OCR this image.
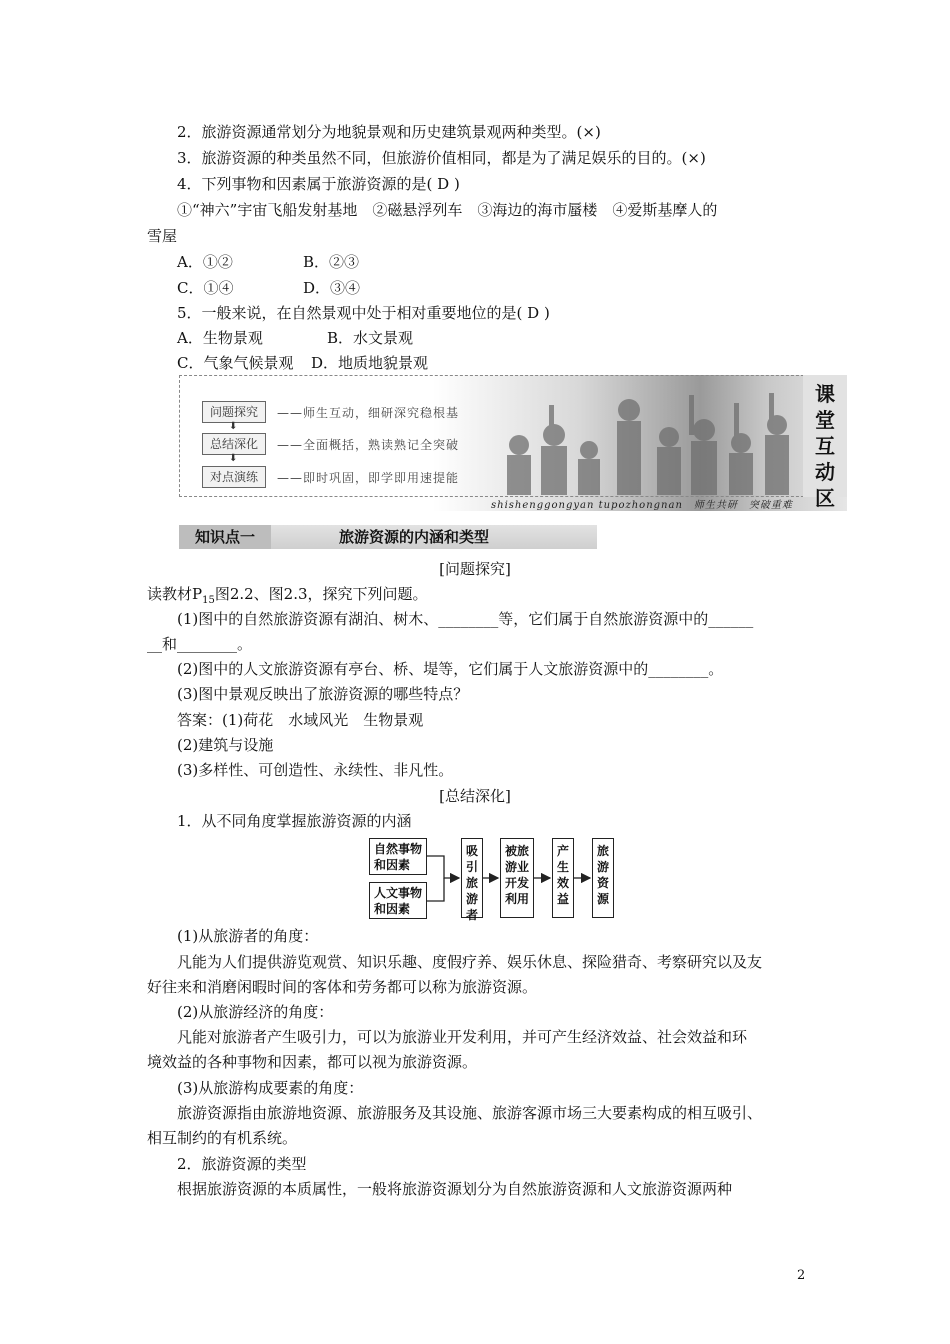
2．旅游资源通常划分为地貌景观和历史建筑景观两种类型。(×)
3．旅游资源的种类虽然不同，但旅游价值相同，都是为了满足娱乐的目的。(×)
4．下列事物和因素属于旅游资源的是( D )
①“神六”宇宙飞船发射基地　②磁悬浮列车　③海边的海市蜃楼　④爱斯基摩人的
雪屋
A．①②	B．②③
C．①④	D．③④
5．一般来说，在自然景观中处于相对重要地位的是( D )
A．生物景观	B．水文景观
C．气象气候景观 D．地质地貌景观
问题探究
⬇
总结深化
⬇
对点演练
——师生互动，细研深究稳根基
——全面概括，熟读熟记全突破
——即时巩固，即学即用速提能
课
堂
互
动
区
shishenggongyan tupozhongnan　师生共研　突破重难
知识点一	旅游资源的内涵和类型
[问题探究]
读教材$P_{15}$图2.2、图2.3，探究下列问题。
(1)图中的自然旅游资源有湖泊、树木、________等，它们属于自然旅游资源中的______
__和________。
(2)图中的人文旅游资源有亭台、桥、堤等，它们属于人文旅游资源中的________。
(3)图中景观反映出了旅游资源的哪些特点？
答案：(1)荷花　水域风光　生物景观
(2)建筑与设施
(3)多样性、可创造性、永续性、非凡性。
[总结深化]
1．从不同角度掌握旅游资源的内涵
自然事物
和因素
人文事物
和因素
吸
引
旅
游
者
被旅
游业
开发
利用
产
生
效
益
旅
游
资
源
(1)从旅游者的角度：
凡能为人们提供游览观赏、知识乐趣、度假疗养、娱乐休息、探险猎奇、考察研究以及友
好往来和消磨闲暇时间的客体和劳务都可以称为旅游资源。
(2)从旅游经济的角度：
凡能对旅游者产生吸引力，可以为旅游业开发利用，并可产生经济效益、社会效益和环
境效益的各种事物和因素，都可以视为旅游资源。
(3)从旅游构成要素的角度：
旅游资源指由旅游地资源、旅游服务及其设施、旅游客源市场三大要素构成的相互吸引、
相互制约的有机系统。
2．旅游资源的类型
根据旅游资源的本质属性，一般将旅游资源划分为自然旅游资源和人文旅游资源两种
2
